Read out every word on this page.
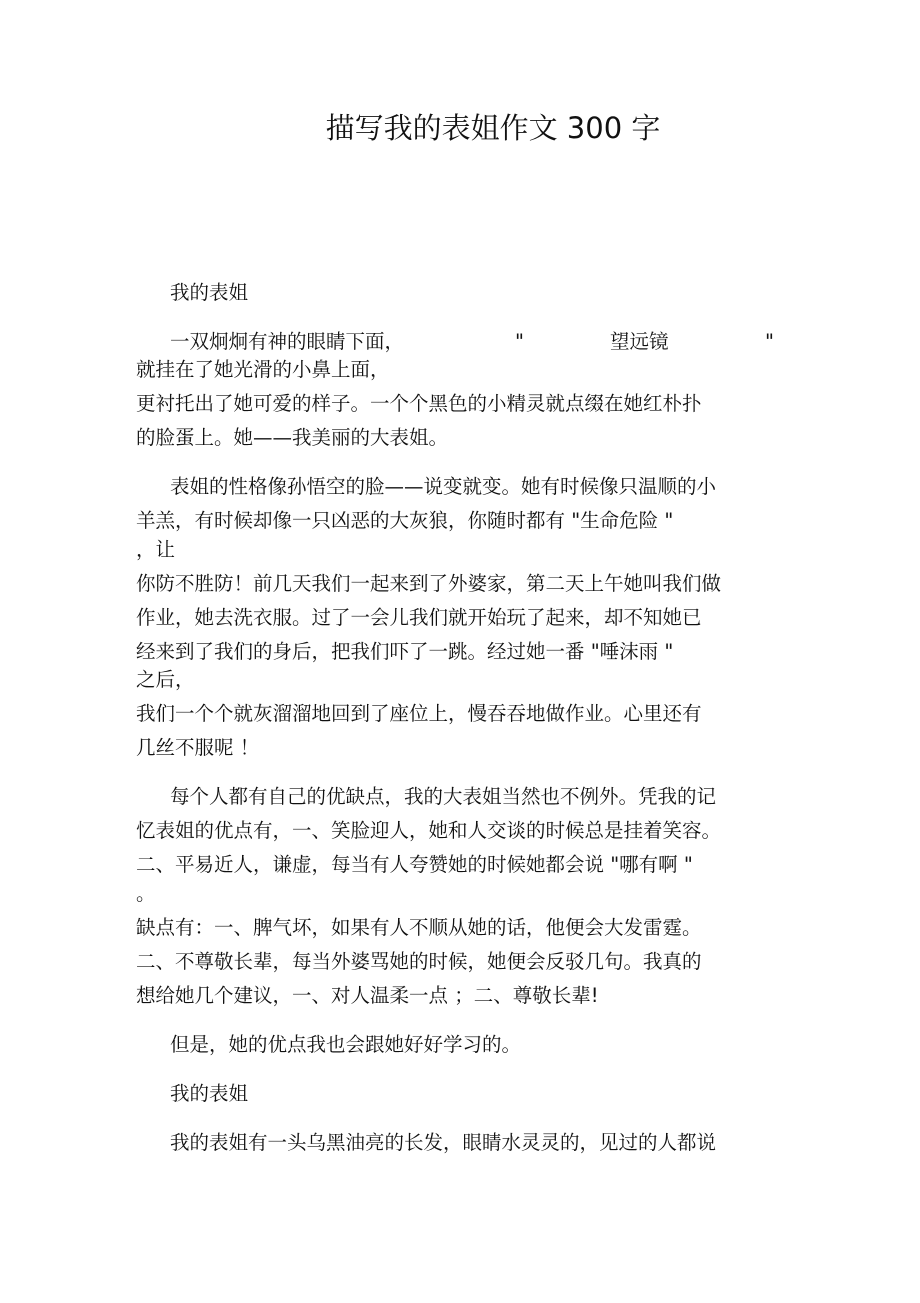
描写我的表姐作文 300 字
我的表姐
一双炯炯有神的眼睛下面，	"	望远镜	"
就挂在了她光滑的小鼻上面，
更衬托出了她可爱的样子。一个个黑色的小精灵就点缀在她红朴扑
的脸蛋上。她——我美丽的大表姐。
表姐的性格像孙悟空的脸——说变就变。她有时候像只温顺的小
羊羔，有时候却像一只凶恶的大灰狼，你随时都有 "生命危险 "
，让
你防不胜防！前几天我们一起来到了外婆家，第二天上午她叫我们做
作业，她去洗衣服。过了一会儿我们就开始玩了起来，却不知她已
经来到了我们的身后，把我们吓了一跳。经过她一番 "唾沫雨 "
之后，
我们一个个就灰溜溜地回到了座位上，慢吞吞地做作业。心里还有
几丝不服呢 ！
每个人都有自己的优缺点，我的大表姐当然也不例外。凭我的记
忆表姐的优点有，一、笑脸迎人，她和人交谈的时候总是挂着笑容。
二、平易近人，谦虚，每当有人夸赞她的时候她都会说 "哪有啊 "
。
缺点有：一、脾气坏，如果有人不顺从她的话，他便会大发雷霆。
二、不尊敬长辈，每当外婆骂她的时候，她便会反驳几句。我真的
想给她几个建议，一、对人温柔一点 ；二、尊敬长辈!
但是，她的优点我也会跟她好好学习的。
我的表姐
我的表姐有一头乌黑油亮的长发，眼睛水灵灵的，见过的人都说
